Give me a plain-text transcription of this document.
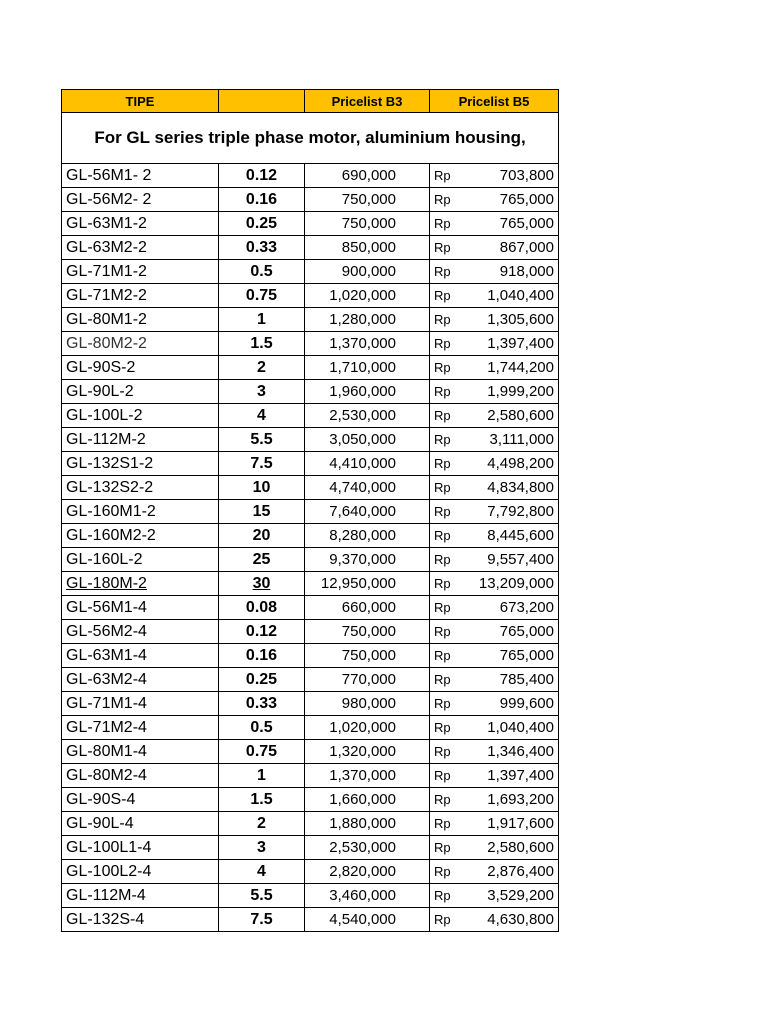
TIPE		Pricelist B3	Pricelist B5
For GL series triple phase motor, aluminium housing,			
GL-56M1- 2	0.12	690,000	Rp 703,800

GL-56M2- 2	0.16	750,000	Rp 765,000

GL-63M1-2	0.25	750,000	Rp 765,000

GL-63M2-2	0.33	850,000	Rp 867,000

GL-71M1-2	0.5	900,000	Rp 918,000

GL-71M2-2	0.75	1,020,000	Rp 1,040,400

GL-80M1-2	1	1,280,000	Rp 1,305,600

GL-80M2-2	1.5	1,370,000	Rp 1,397,400

GL-90S-2	2	1,710,000	Rp 1,744,200

GL-90L-2	3	1,960,000	Rp 1,999,200

GL-100L-2	4	2,530,000	Rp 2,580,600

GL-112M-2	5.5	3,050,000	Rp 3,111,000

GL-132S1-2	7.5	4,410,000	Rp 4,498,200

GL-132S2-2	10	4,740,000	Rp 4,834,800

GL-160M1-2	15	7,640,000	Rp 7,792,800

GL-160M2-2	20	8,280,000	Rp 8,445,600

GL-160L-2	25	9,370,000	Rp 9,557,400

GL-180M-2	30	12,950,000	Rp 13,209,000

GL-56M1-4	0.08	660,000	Rp 673,200

GL-56M2-4	0.12	750,000	Rp 765,000

GL-63M1-4	0.16	750,000	Rp 765,000

GL-63M2-4	0.25	770,000	Rp 785,400

GL-71M1-4	0.33	980,000	Rp 999,600

GL-71M2-4	0.5	1,020,000	Rp 1,040,400

GL-80M1-4	0.75	1,320,000	Rp 1,346,400

GL-80M2-4	1	1,370,000	Rp 1,397,400

GL-90S-4	1.5	1,660,000	Rp 1,693,200

GL-90L-4	2	1,880,000	Rp 1,917,600

GL-100L1-4	3	2,530,000	Rp 2,580,600

GL-100L2-4	4	2,820,000	Rp 2,876,400

GL-112M-4	5.5	3,460,000	Rp 3,529,200

GL-132S-4	7.5	4,540,000	Rp 4,630,800
